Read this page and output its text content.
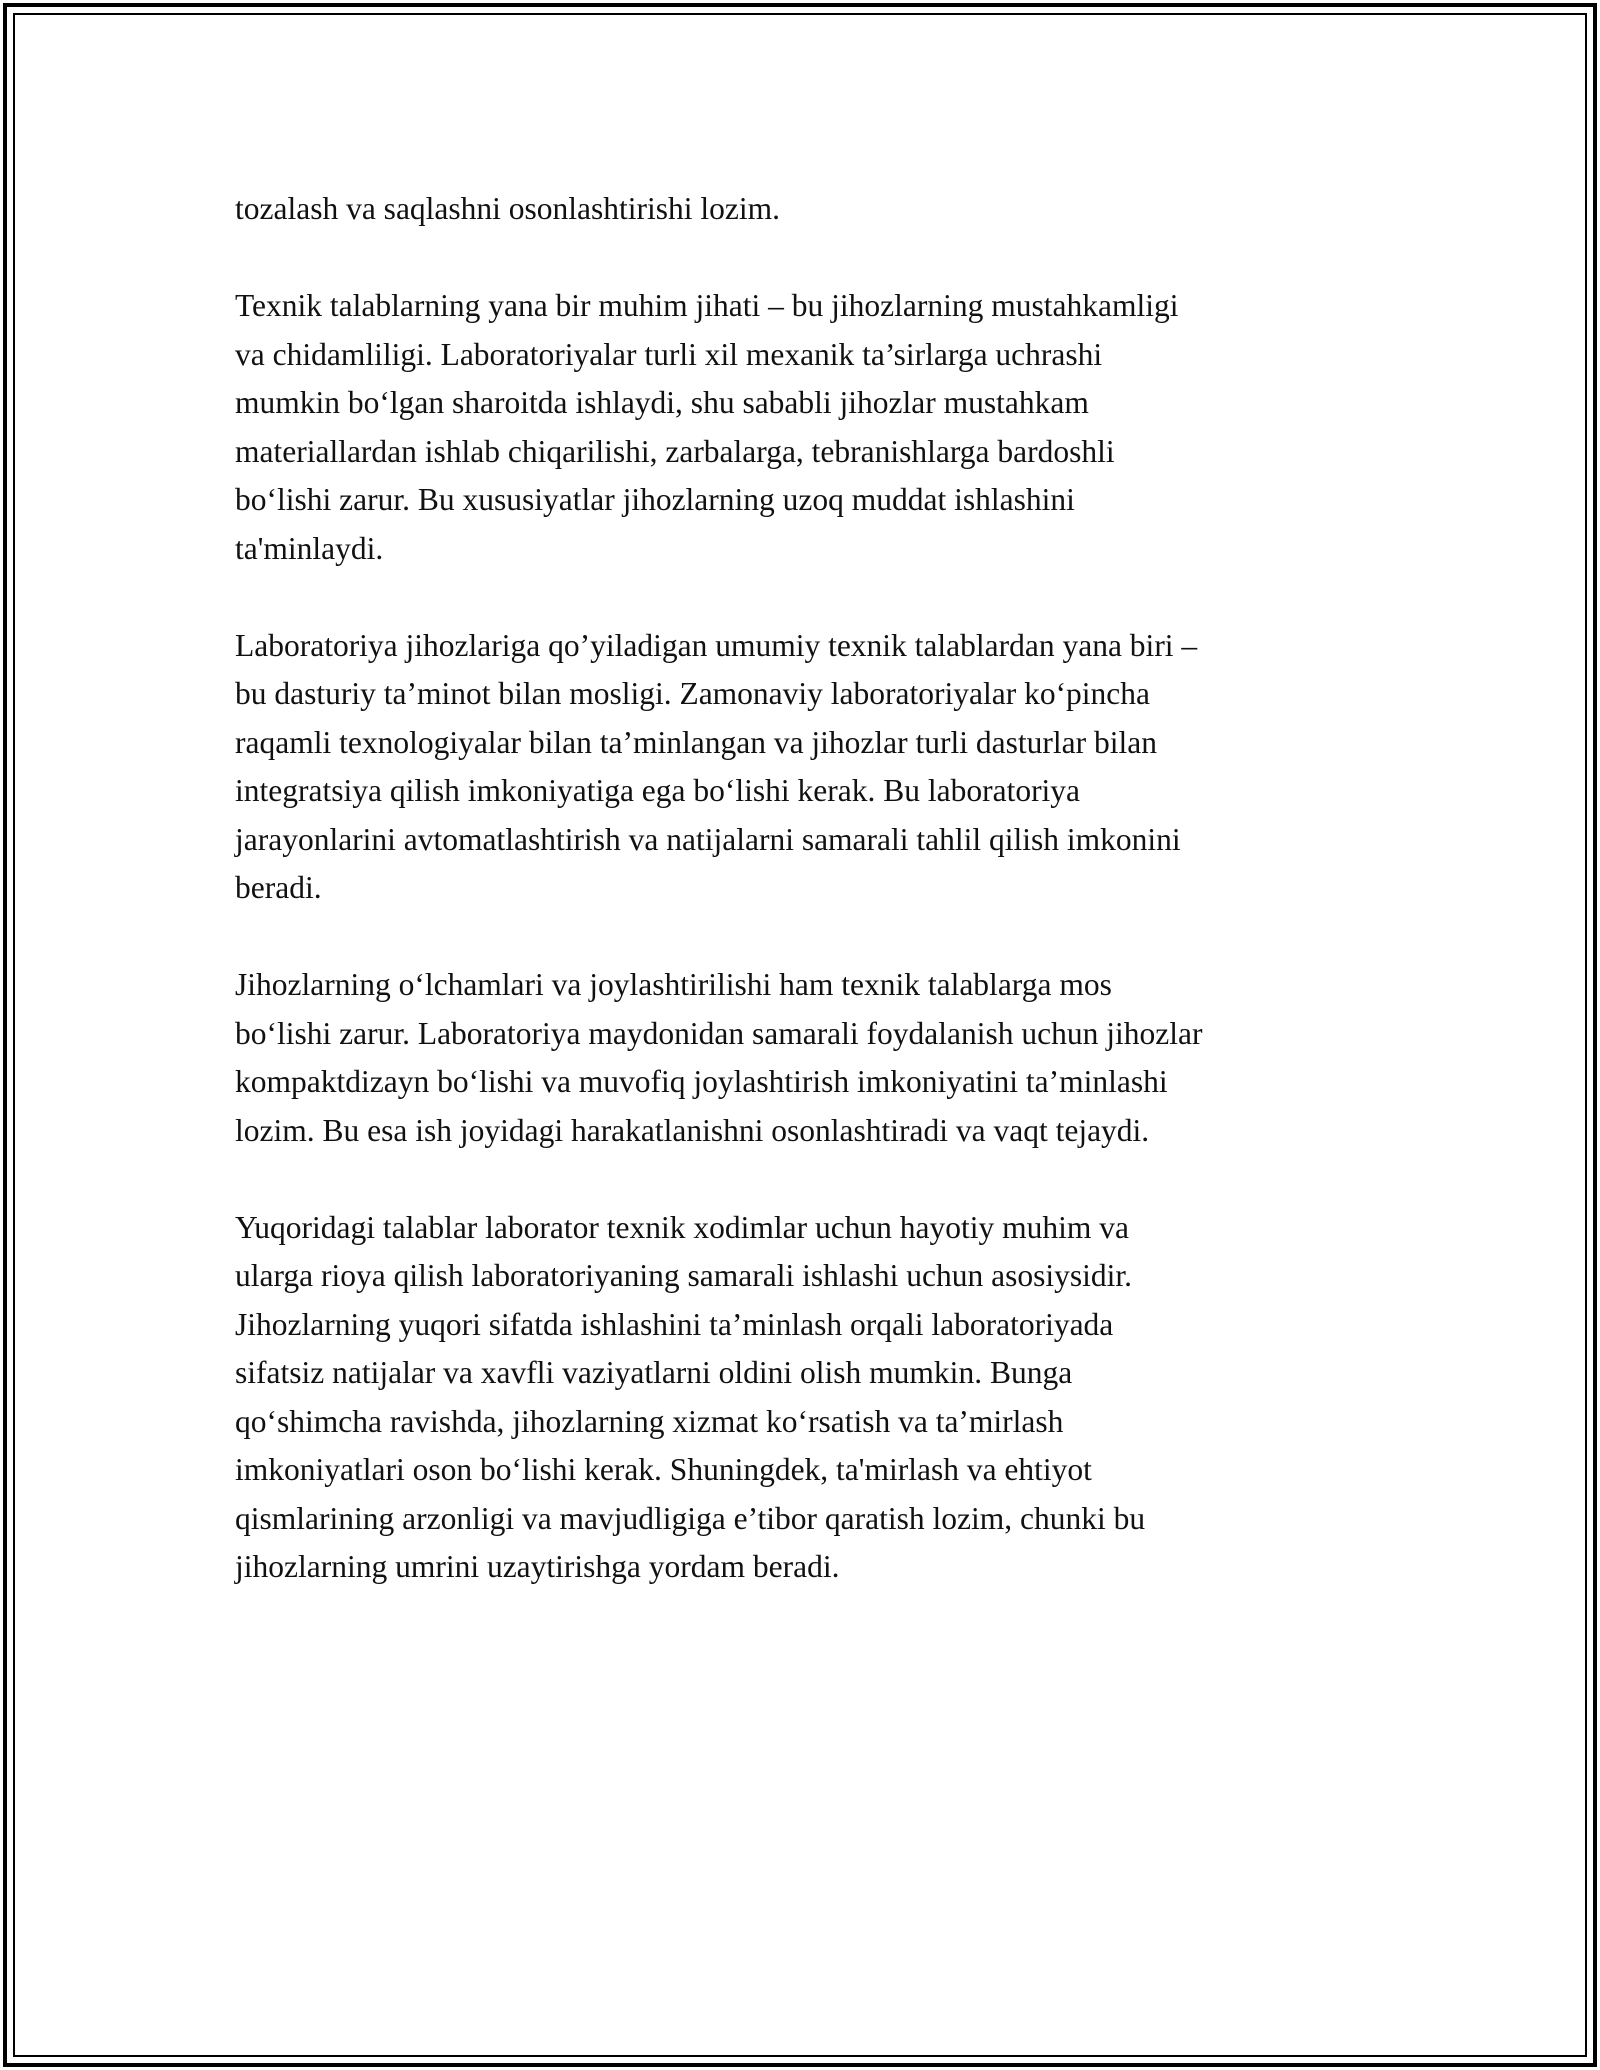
tozalash va saqlashni osonlashtirishi lozim.

Texnik talablarning yana bir muhim jihati – bu jihozlarning mustahkamligi
va chidamliligi. Laboratoriyalar turli xil mexanik ta’sirlarga uchrashi
mumkin bo‘lgan sharoitda ishlaydi, shu sababli jihozlar mustahkam
materiallardan ishlab chiqarilishi, zarbalarga, tebranishlarga bardoshli
bo‘lishi zarur. Bu xususiyatlar jihozlarning uzoq muddat ishlashini
ta'minlaydi.

Laboratoriya jihozlariga qo’yiladigan umumiy texnik talablardan yana biri –
bu dasturiy ta’minot bilan mosligi. Zamonaviy laboratoriyalar ko‘pincha
raqamli texnologiyalar bilan ta’minlangan va jihozlar turli dasturlar bilan
integratsiya qilish imkoniyatiga ega bo‘lishi kerak. Bu laboratoriya
jarayonlarini avtomatlashtirish va natijalarni samarali tahlil qilish imkonini
beradi.

Jihozlarning o‘lchamlari va joylashtirilishi ham texnik talablarga mos
bo‘lishi zarur. Laboratoriya maydonidan samarali foydalanish uchun jihozlar
kompaktdizayn bo‘lishi va muvofiq joylashtirish imkoniyatini ta’minlashi
lozim. Bu esa ish joyidagi harakatlanishni osonlashtiradi va vaqt tejaydi.

Yuqoridagi talablar laborator texnik xodimlar uchun hayotiy muhim va
ularga rioya qilish laboratoriyaning samarali ishlashi uchun asosiysidir.
Jihozlarning yuqori sifatda ishlashini ta’minlash orqali laboratoriyada
sifatsiz natijalar va xavfli vaziyatlarni oldini olish mumkin. Bunga
qo‘shimcha ravishda, jihozlarning xizmat ko‘rsatish va ta’mirlash
imkoniyatlari oson bo‘lishi kerak. Shuningdek, ta'mirlash va ehtiyot
qismlarining arzonligi va mavjudligiga e’tibor qaratish lozim, chunki bu
jihozlarning umrini uzaytirishga yordam beradi.
